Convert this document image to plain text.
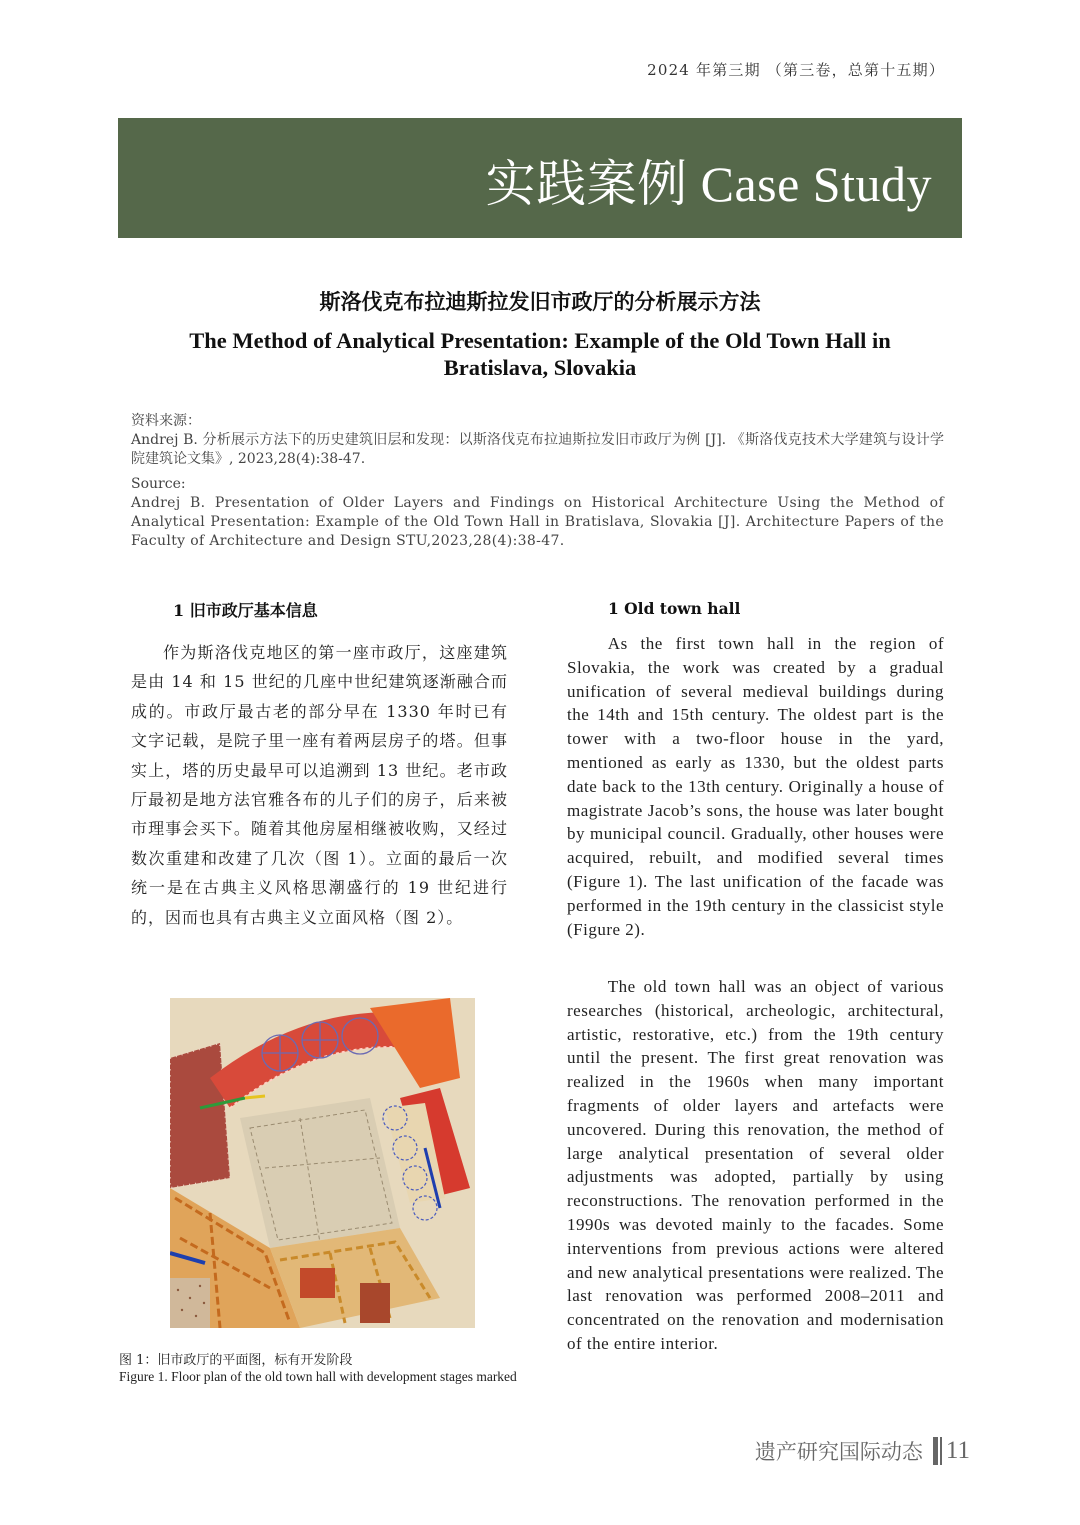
2024 年第三期 （第三卷，总第十五期）
实践案例 Case Study
斯洛伐克布拉迪斯拉发旧市政厅的分析展示方法
The Method of Analytical Presentation: Example of the Old Town Hall in Bratislava, Slovakia

资料来源：

Andrej B. 分析展示方法下的历史建筑旧层和发现：以斯洛伐克布拉迪斯拉发旧市政厅为例 [J]. 《斯洛伐克技术大学建筑与设计学院建筑论文集》, 2023,28(4):38-47.

Source:

Andrej B. Presentation of Older Layers and Findings on Historical Architecture Using the Method of Analytical Presentation: Example of the Old Town Hall in Bratislava, Slovakia [J]. Architecture Papers of the Faculty of Architecture and Design STU,2023,28(4):38-47.

1 旧市政厅基本信息	1 Old town hall

作为斯洛伐克地区的第一座市政厅，这座建筑是由 14 和 15 世纪的几座中世纪建筑逐渐融合而成的。市政厅最古老的部分早在 1330 年时已有文字记载，是院子里一座有着两层房子的塔。但事实上，塔的历史最早可以追溯到 13 世纪。老市政厅最初是地方法官雅各布的儿子们的房子，后来被市理事会买下。随着其他房屋相继被收购，又经过数次重建和改建了几次（图 1）。立面的最后一次统一是在古典主义风格思潮盛行的 19 世纪进行的，因而也具有古典主义立面风格（图 2）。

As the first town hall in the region of Slovakia, the work was created by a gradual unification of several medieval buildings during the 14th and 15th century. The oldest part is the tower with a two-floor house in the yard, mentioned as early as 1330, but the oldest parts date back to the 13th century. Originally a house of magistrate Jacob’s sons, the house was later bought by municipal council. Gradually, other houses were acquired, rebuilt, and modified several times (Figure 1). The last unification of the facade was performed in the 19th century in the classicist style (Figure 2).

The old town hall was an object of various researches (historical, archeologic, architectural, artistic, restorative, etc.) from the 19th century until the present. The first great renovation was realized in the 1960s when many important fragments of older layers and artefacts were uncovered. During this renovation, the method of large analytical presentation of several older adjustments was adopted, partially by using reconstructions. The renovation performed in the 1990s was devoted mainly to the facades. Some interventions from previous actions were altered and new analytical presentations were realized. The last renovation was performed 2008–2011 and concentrated on the renovation and modernisation of the entire interior.

图 1：旧市政厅的平面图，标有开发阶段
Figure 1. Floor plan of the old town hall with development stages marked
遗产研究国际动态 11
